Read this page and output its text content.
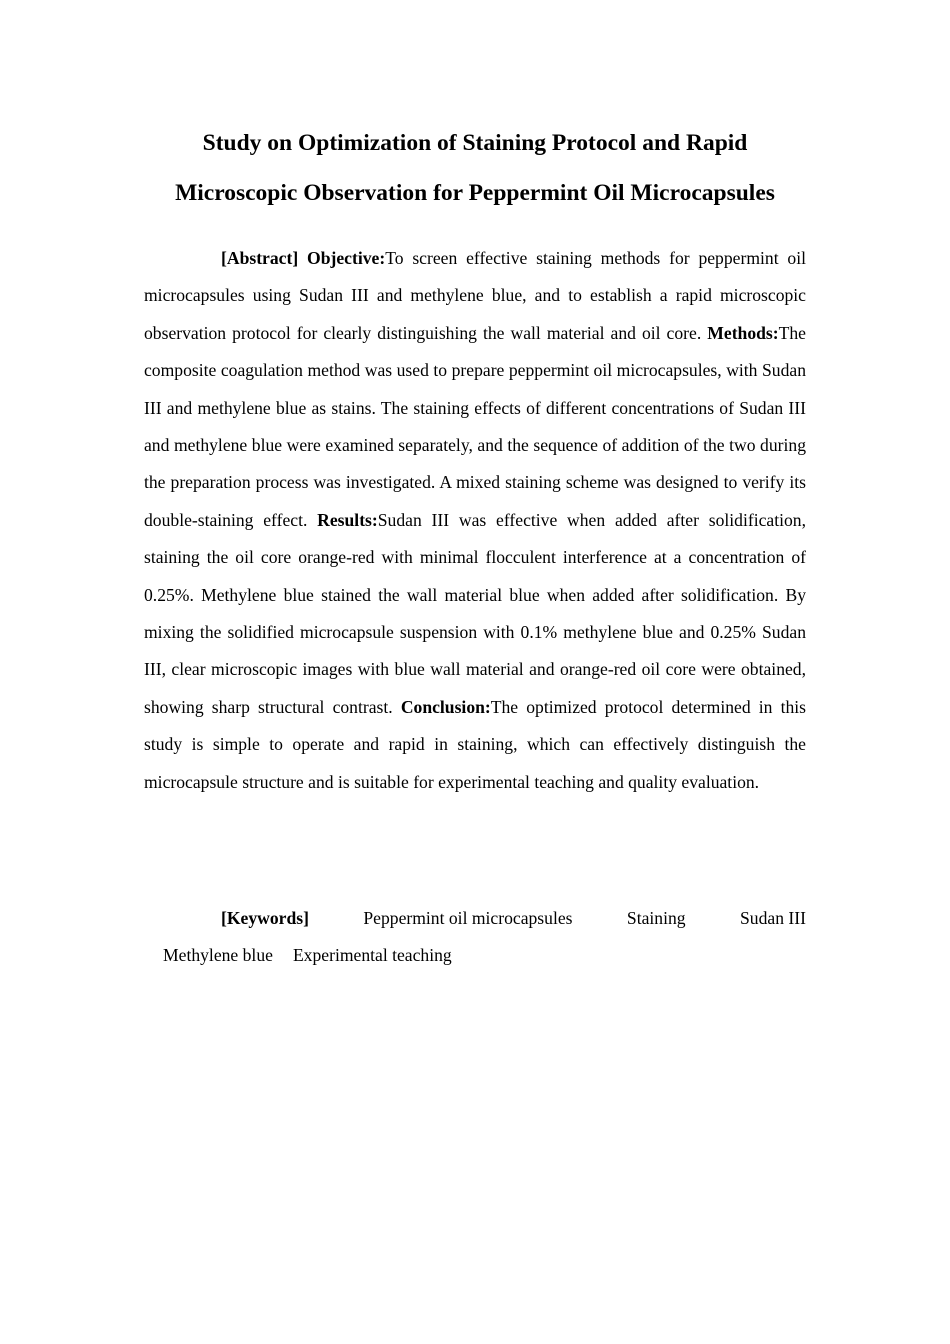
Study on Optimization of Staining Protocol and Rapid
Microscopic Observation for Peppermint Oil Microcapsules

[Abstract] Objective:To screen effective staining methods for peppermint oil microcapsules using Sudan III and methylene blue, and to establish a rapid microscopic observation protocol for clearly distinguishing the wall material and oil core. Methods:The composite coagulation method was used to prepare peppermint oil microcapsules, with Sudan III and methylene blue as stains. The staining effects of different concentrations of Sudan III and methylene blue were examined separately, and the sequence of addition of the two during the preparation process was investigated. A mixed staining scheme was designed to verify its double-staining effect. Results:Sudan III was effective when added after solidification, staining the oil core orange-red with minimal flocculent interference at a concentration of 0.25%. Methylene blue stained the wall material blue when added after solidification. By mixing the solidified microcapsule suspension with 0.1% methylene blue and 0.25% Sudan III, clear microscopic images with blue wall material and orange-red oil core were obtained, showing sharp structural contrast. Conclusion:The optimized protocol determined in this study is simple to operate and rapid in staining, which can effectively distinguish the microcapsule structure and is suitable for experimental teaching and quality evaluation.

[Keywords]	Peppermint oil microcapsules	Staining	Sudan III
Methylene blue Experimental teaching
